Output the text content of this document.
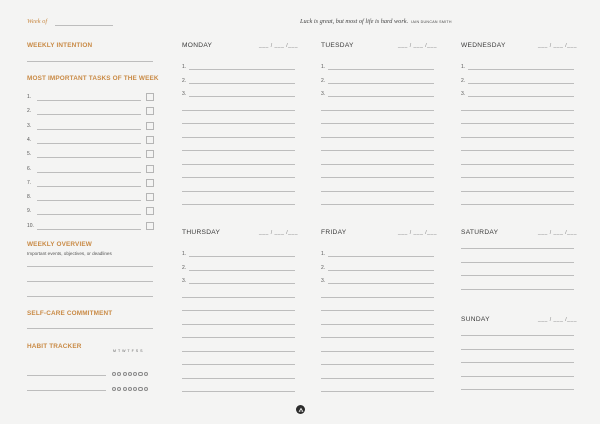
Week of	Luck is great, but most of life is hard work. IAIN DUNCAN SMITH
WEEKLY INTENTION
MOST IMPORTANT TASKS OF THE WEEK
1.
2.
3.
4.
5.
6.
7.
8.
9.
10.
WEEKLY OVERVIEW
Important events, objectives, or deadlines
SELF-CARE COMMITMENT
HABIT TRACKER
MTWTFSS
MONDAY	___ / ___ /___	TUESDAY	___ / ___ /___	WEDNESDAY	___ / ___ /___
THURSDAY	___ / ___ /___	FRIDAY	___ / ___ /___	SATURDAY	___ / ___ /___
SUNDAY	___ / ___ /___
1.
2.
3.
1.
2.
3.
1.
2.
3.
1.
2.
3.
1.
2.
3.
